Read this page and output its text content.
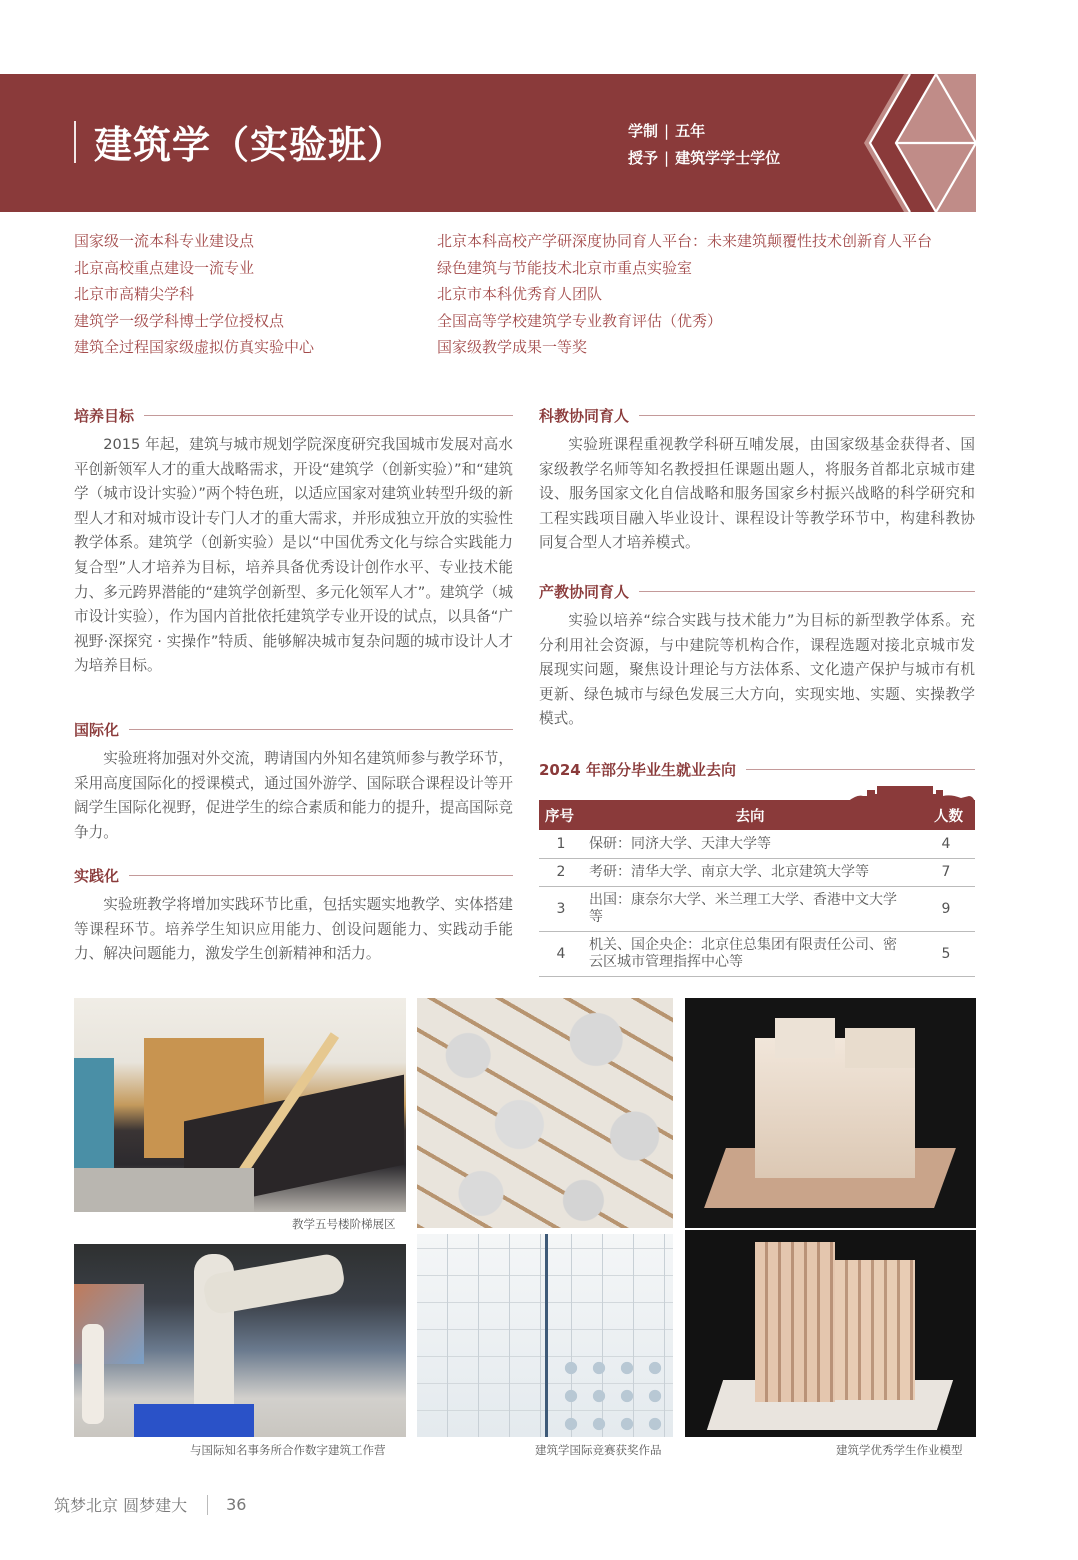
建筑学（实验班）	学制 | 五年
授予 | 建筑学学士学位
国家级一流本科专业建设点
北京高校重点建设一流专业
北京市高精尖学科
建筑学一级学科博士学位授权点
建筑全过程国家级虚拟仿真实验中心
北京本科高校产学研深度协同育人平台：未来建筑颠覆性技术创新育人平台
绿色建筑与节能技术北京市重点实验室
北京市本科优秀育人团队
全国高等学校建筑学专业教育评估（优秀）
国家级教学成果一等奖
培养目标

2015 年起，建筑与城市规划学院深度研究我国城市发展对高水平创新领军人才的重大战略需求，开设“建筑学（创新实验）”和“建筑学（城市设计实验）”两个特色班，以适应国家对建筑业转型升级的新型人才和对城市设计专门人才的重大需求，并形成独立开放的实验性教学体系。建筑学（创新实验）是以“中国优秀文化与综合实践能力复合型”人才培养为目标，培养具备优秀设计创作水平、专业技术能力、多元跨界潜能的“建筑学创新型、多元化领军人才”。建筑学（城市设计实验），作为国内首批依托建筑学专业开设的试点，以具备“广视野·深探究 · 实操作”特质、能够解决城市复杂问题的城市设计人才为培养目标。

国际化

实验班将加强对外交流，聘请国内外知名建筑师参与教学环节，采用高度国际化的授课模式，通过国外游学、国际联合课程设计等开阔学生国际化视野，促进学生的综合素质和能力的提升，提高国际竞争力。

实践化

实验班教学将增加实践环节比重，包括实题实地教学、实体搭建等课程环节。培养学生知识应用能力、创设问题能力、实践动手能力、解决问题能力，激发学生创新精神和活力。

科教协同育人

实验班课程重视教学科研互哺发展，由国家级基金获得者、国家级教学名师等知名教授担任课题出题人，将服务首都北京城市建设、服务国家文化自信战略和服务国家乡村振兴战略的科学研究和工程实践项目融入毕业设计、课程设计等教学环节中，构建科教协同复合型人才培养模式。

产教协同育人

实验以培养“综合实践与技术能力”为目标的新型教学体系。充分利用社会资源，与中建院等机构合作，课程选题对接北京城市发展现实问题，聚焦设计理论与方法体系、文化遗产保护与城市有机更新、绿色城市与绿色发展三大方向，实现实地、实题、实操教学模式。

2024 年部分毕业生就业去向
序号	去向	人数
1	保研：同济大学、天津大学等	4
2	考研：清华大学、南京大学、北京建筑大学等	7
3	出国：康奈尔大学、米兰理工大学、香港中文大学等	9
4	机关、国企央企：北京住总集团有限责任公司、密云区城市管理指挥中心等	5
教学五号楼阶梯展区
与国际知名事务所合作数字建筑工作营	建筑学国际竞赛获奖作品	建筑学优秀学生作业模型
筑梦北京 圆梦建大 36
